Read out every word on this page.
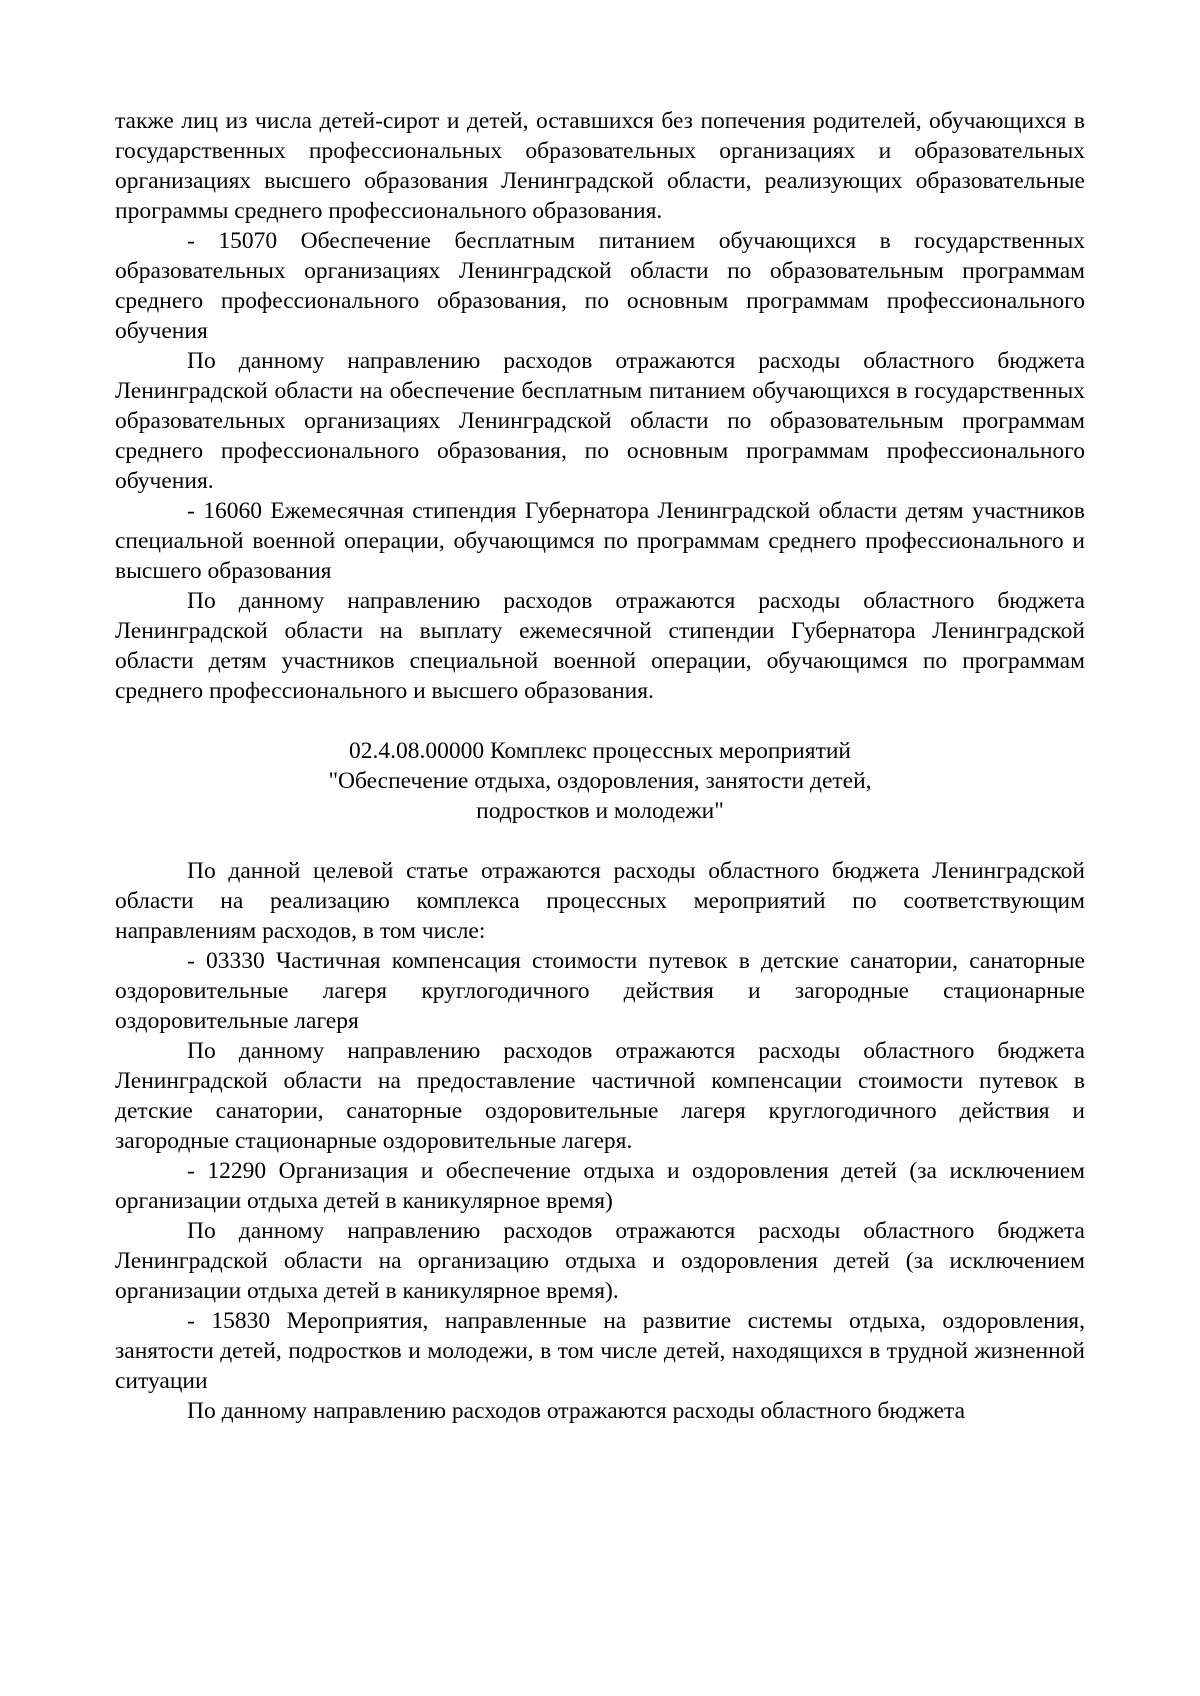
также лиц из числа детей-сирот и детей, оставшихся без попечения родителей, обучающихся в государственных профессиональных образовательных организациях и образовательных организациях высшего образования Ленинградской области, реализующих образовательные программы среднего профессионального образования.

- 15070 Обеспечение бесплатным питанием обучающихся в государственных образовательных организациях Ленинградской области по образовательным программам среднего профессионального образования, по основным программам профессионального обучения

По данному направлению расходов отражаются расходы областного бюджета Ленинградской области на обеспечение бесплатным питанием обучающихся в государственных образовательных организациях Ленинградской области по образовательным программам среднего профессионального образования, по основным программам профессионального обучения.

- 16060 Ежемесячная стипендия Губернатора Ленинградской области детям участников специальной военной операции, обучающимся по программам среднего профессионального и высшего образования

По данному направлению расходов отражаются расходы областного бюджета Ленинградской области на выплату ежемесячной стипендии Губернатора Ленинградской области детям участников специальной военной операции, обучающимся по программам среднего профессионального и высшего образования.

02.4.08.00000 Комплекс процессных мероприятий
"Обеспечение отдыха, оздоровления, занятости детей,
подростков и молодежи"

По данной целевой статье отражаются расходы областного бюджета Ленинградской области на реализацию комплекса процессных мероприятий по соответствующим направлениям расходов, в том числе:

- 03330 Частичная компенсация стоимости путевок в детские санатории, санаторные оздоровительные лагеря круглогодичного действия и загородные стационарные оздоровительные лагеря

По данному направлению расходов отражаются расходы областного бюджета Ленинградской области на предоставление частичной компенсации стоимости путевок в детские санатории, санаторные оздоровительные лагеря круглогодичного действия и загородные стационарные оздоровительные лагеря.

- 12290 Организация и обеспечение отдыха и оздоровления детей (за исключением организации отдыха детей в каникулярное время)

По данному направлению расходов отражаются расходы областного бюджета Ленинградской области на организацию отдыха и оздоровления детей (за исключением организации отдыха детей в каникулярное время).

- 15830 Мероприятия, направленные на развитие системы отдыха, оздоровления, занятости детей, подростков и молодежи, в том числе детей, находящихся в трудной жизненной ситуации

По данному направлению расходов отражаются расходы областного бюджета
